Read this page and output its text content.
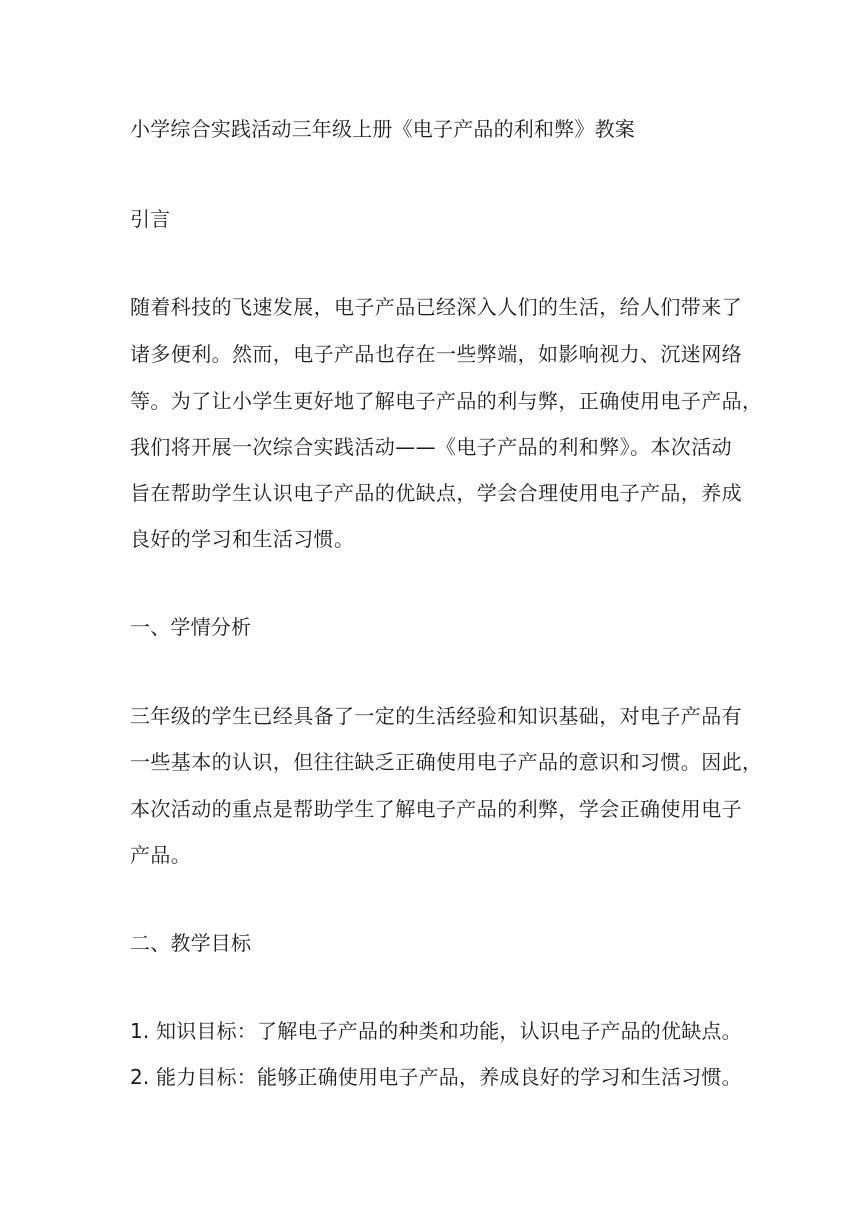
小学综合实践活动三年级上册《电子产品的利和弊》教案
引言
随着科技的飞速发展，电子产品已经深入人们的生活，给人们带来了
诸多便利。然而，电子产品也存在一些弊端，如影响视力、沉迷网络
等。为了让小学生更好地了解电子产品的利与弊，正确使用电子产品，
我们将开展一次综合实践活动——《电子产品的利和弊》。本次活动
旨在帮助学生认识电子产品的优缺点，学会合理使用电子产品，养成
良好的学习和生活习惯。
一、学情分析
三年级的学生已经具备了一定的生活经验和知识基础，对电子产品有
一些基本的认识，但往往缺乏正确使用电子产品的意识和习惯。因此，
本次活动的重点是帮助学生了解电子产品的利弊，学会正确使用电子
产品。
二、教学目标
1. 知识目标：了解电子产品的种类和功能，认识电子产品的优缺点。
2. 能力目标：能够正确使用电子产品，养成良好的学习和生活习惯。
